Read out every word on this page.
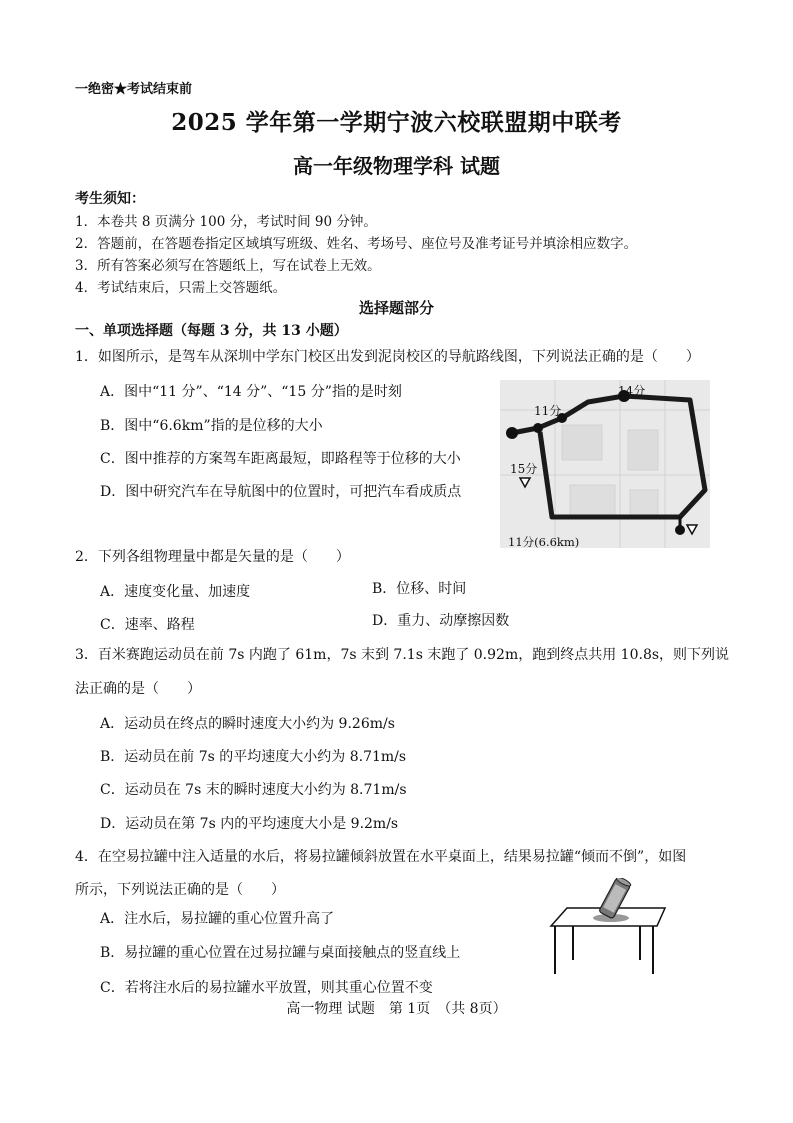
一绝密★考试结束前
2025 学年第一学期宁波六校联盟期中联考
高一年级物理学科 试题
考生须知：
1．本卷共 8 页满分 100 分，考试时间 90 分钟。
2．答题前，在答题卷指定区域填写班级、姓名、考场号、座位号及准考证号并填涂相应数字。
3．所有答案必须写在答题纸上，写在试卷上无效。
4．考试结束后，只需上交答题纸。
选择题部分
一、单项选择题（每题 3 分，共 13 小题）
1．如图所示，是驾车从深圳中学东门校区出发到泥岗校区的导航路线图，下列说法正确的是（　　）
A．图中“11 分”、“14 分”、“15 分”指的是时刻
B．图中“6.6km”指的是位移的大小
C．图中推荐的方案驾车距离最短，即路程等于位移的大小
D．图中研究汽车在导航图中的位置时，可把汽车看成质点
11分
14分
15分
11分(6.6km)
2．下列各组物理量中都是矢量的是（　　）
A．速度变化量、加速度	B．位移、时间
C．速率、路程	D．重力、动摩擦因数
3．百米赛跑运动员在前 7s 内跑了 61m，7s 末到 7.1s 末跑了 0.92m，跑到终点共用 10.8s，则下列说
法正确的是（　　）
A．运动员在终点的瞬时速度大小约为 9.26m/s
B．运动员在前 7s 的平均速度大小约为 8.71m/s
C．运动员在 7s 末的瞬时速度大小约为 8.71m/s
D．运动员在第 7s 内的平均速度大小是 9.2m/s
4．在空易拉罐中注入适量的水后，将易拉罐倾斜放置在水平桌面上，结果易拉罐“倾而不倒”，如图
所示，下列说法正确的是（　　）
A．注水后，易拉罐的重心位置升高了
B．易拉罐的重心位置在过易拉罐与桌面接触点的竖直线上
C．若将注水后的易拉罐水平放置，则其重心位置不变
高一物理 试题　第 1页　（共 8页）
